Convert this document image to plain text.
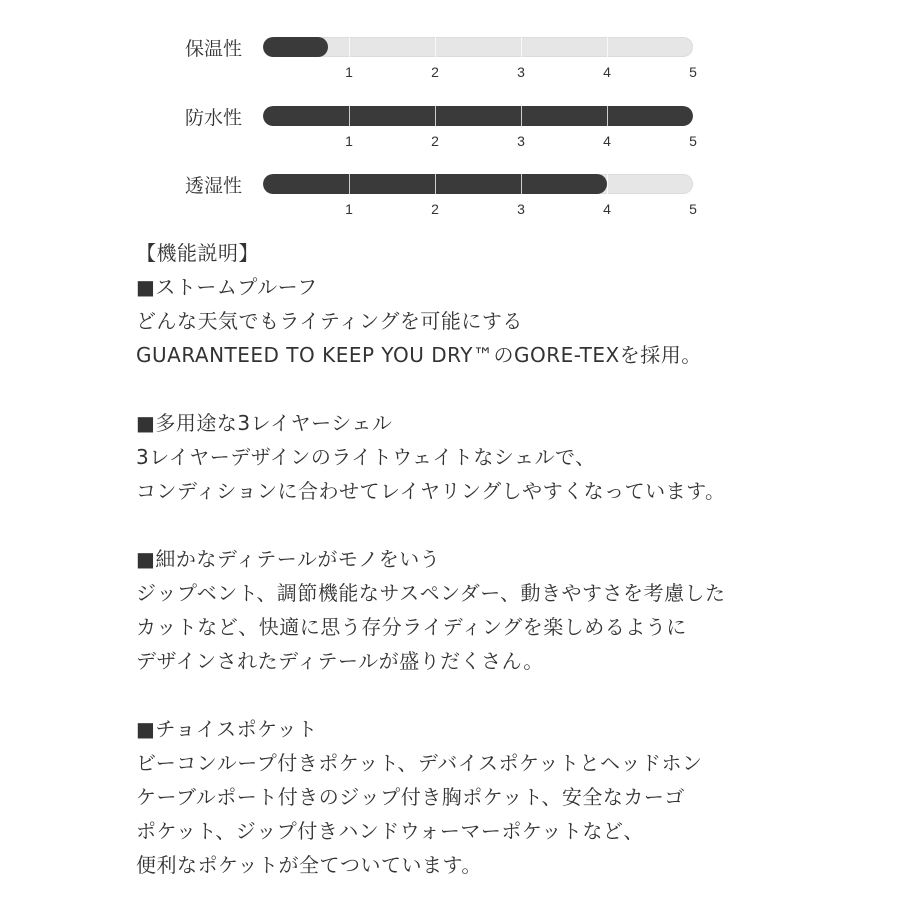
保温性
1	2	3	4	5
防水性
1	2	3	4	5
透湿性
1	2	3	4	5
【機能説明】
■ストームプルーフ
どんな天気でもライティングを可能にする
GUARANTEED TO KEEP YOU DRY™のGORE-TEXを採用。
■多用途な3レイヤーシェル
3レイヤーデザインのライトウェイトなシェルで、
コンディションに合わせてレイヤリングしやすくなっています。
■細かなディテールがモノをいう
ジップベント、調節機能なサスペンダー、動きやすさを考慮した
カットなど、快適に思う存分ライディングを楽しめるように
デザインされたディテールが盛りだくさん。
■チョイスポケット
ビーコンループ付きポケット、デバイスポケットとヘッドホン
ケーブルポート付きのジップ付き胸ポケット、安全なカーゴ
ポケット、ジップ付きハンドウォーマーポケットなど、
便利なポケットが全てついています。
